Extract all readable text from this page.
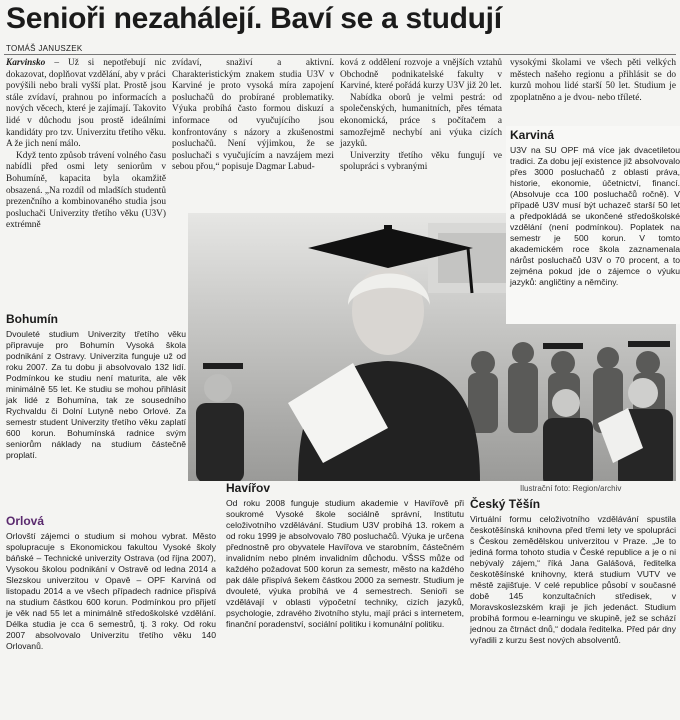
Senioři nezahálejí. Baví se a studují
TOMÁŠ JANUSZEK

Karvinsko – Už si nepotřebují nic dokazovat, doplňovat vzdělání, aby v práci povýšili nebo brali vyšší plat. Prostě jsou stále zvídaví, prahnou po informacích a nových věcech, které je zajímají. Takovito lidé v důchodu jsou prostě ideálními kandidáty pro tzv. Univerzitu třetího věku. A že jich není málo.

Když tento způsob trávení volného času nabídli před osmi lety seniorům v Bohumíně, kapacita byla okamžitě obsazená. „Na rozdíl od mladších studentů prezenčního a kombinovaného studia jsou posluchači Univerzity třetího věku (U3V) extrémně

zvídaví, snaživí a aktivní. Charakteristickým znakem studia U3V v Karviné je proto vysoká míra zapojení posluchačů do probírané problematiky. Výuka probíhá často formou diskuzí a informace od vyučujícího jsou konfrontovány s názory a zkušenostmi posluchačů. Není výjimkou, že se posluchači s vyučujícím a navzájem mezi sebou přou,“ popisuje Dagmar Labud-

ková z oddělení rozvoje a vnějších vztahů Obchodně podnikatelské fakulty v Karviné, které pořádá kurzy U3V již 20 let.

Nabídka oborů je velmi pestrá: od společenských, humanitních, přes témata ekonomická, práce s počítačem a samozřejmě nechybí ani výuka cizích jazyků.

Univerzity třetího věku fungují ve spolupráci s vybranými

vysokými školami ve všech pěti velkých městech našeho regionu a přihlásit se do kurzů mohou lidé starší 50 let. Studium je zpoplatněno a je dvou- nebo tříleté.

Karviná
U3V na SU OPF má více jak dvacetiletou tradici. Za dobu její existence již absolvovalo přes 3000 posluchačů z oblasti práva, historie, ekonomie, účetnictví, financí. (Absolvuje cca 100 posluchačů ročně). V případě U3V musí být uchazeč starší 50 let a předpokládá se ukončené středoškolské vzdělání (není podmínkou). Poplatek na semestr je 500 korun. V tomto akademickém roce škola zaznamenala nárůst posluchačů U3V o 70 procent, a to zejména pokud jde o zájemce o výuku jazyků: angličtiny a němčiny.
Bohumín
Dvouleté studium Univerzity třetího věku připravuje pro Bohumín Vysoká škola podnikání z Ostravy. Univerzita funguje už od roku 2007. Za tu dobu ji absolvovalo 132 lidí. Podmínkou ke studiu není maturita, ale věk minimálně 55 let. Ke studiu se mohou přihlásit jak lidé z Bohumína, tak ze sousedního Rychvaldu či Dolní Lutyně nebo Orlové. Za semestr student Univerzity třetího věku zaplatí 600 korun. Bohumínská radnice svým seniorům náklady na studium částečně proplatí.
Orlová
Orlovští zájemci o studium si mohou vybrat. Město spolupracuje s Ekonomickou fakultou Vysoké školy báňské – Technické univerzity Ostrava (od října 2007), Vysokou školou podnikání v Ostravě od ledna 2014 a Slezskou univerzitou v Opavě – OPF Karviná od listopadu 2014 a ve všech případech radnice přispívá na studium částkou 600 korun. Podmínkou pro přijetí je věk nad 55 let a minimálně středoškolské vzdělání. Délka studia je cca 6 semestrů, tj. 3 roky. Od roku 2007 absolvovalo Univerzitu třetího věku 140 Orlovanů.
Havířov
Od roku 2008 funguje studium akademie v Havířově při soukromé Vysoké škole sociálně správní, Institutu celoživotního vzdělávání. Studium U3V probíhá 13. rokem a od roku 1999 je absolvovalo 780 posluchačů. Výuka je určena přednostně pro obyvatele Havířova ve starobním, částečném invalidním nebo plném invalidním důchodu. VŠSS může od každého požadovat 500 korun za semestr, město na každého pak dále přispívá šekem částkou 2000 za semestr. Studium je dvouleté, výuka probíhá ve 4 semestrech. Senioři se vzdělávají v oblasti výpočetní techniky, cizích jazyků, psychologie, zdravého životního stylu, mají práci s internetem, finanční poradenství, sociální politiku i komunální politiku.
Ilustrační foto: Region/archiv
Český Těšín
Virtuální formu celoživotního vzdělávání spustila českotěšínská knihovna před třemi lety ve spolupráci s Českou zemědělskou univerzitou v Praze. „Je to jediná forma tohoto studia v České republice a je o ni nebývalý zájem,“ říká Jana Galášová, ředitelka českotěšínské knihovny, která studium VUTV ve městě zajišťuje. V celé republice působí v současné době 145 konzultačních středisek, v Moravskoslezském kraji je jich jedenáct. Studium probíhá formou e-learningu ve skupině, jež se schází jednou za čtrnáct dnů,“ dodala ředitelka. Před pár dny vyřadili z kurzu šest nových absolventů.
